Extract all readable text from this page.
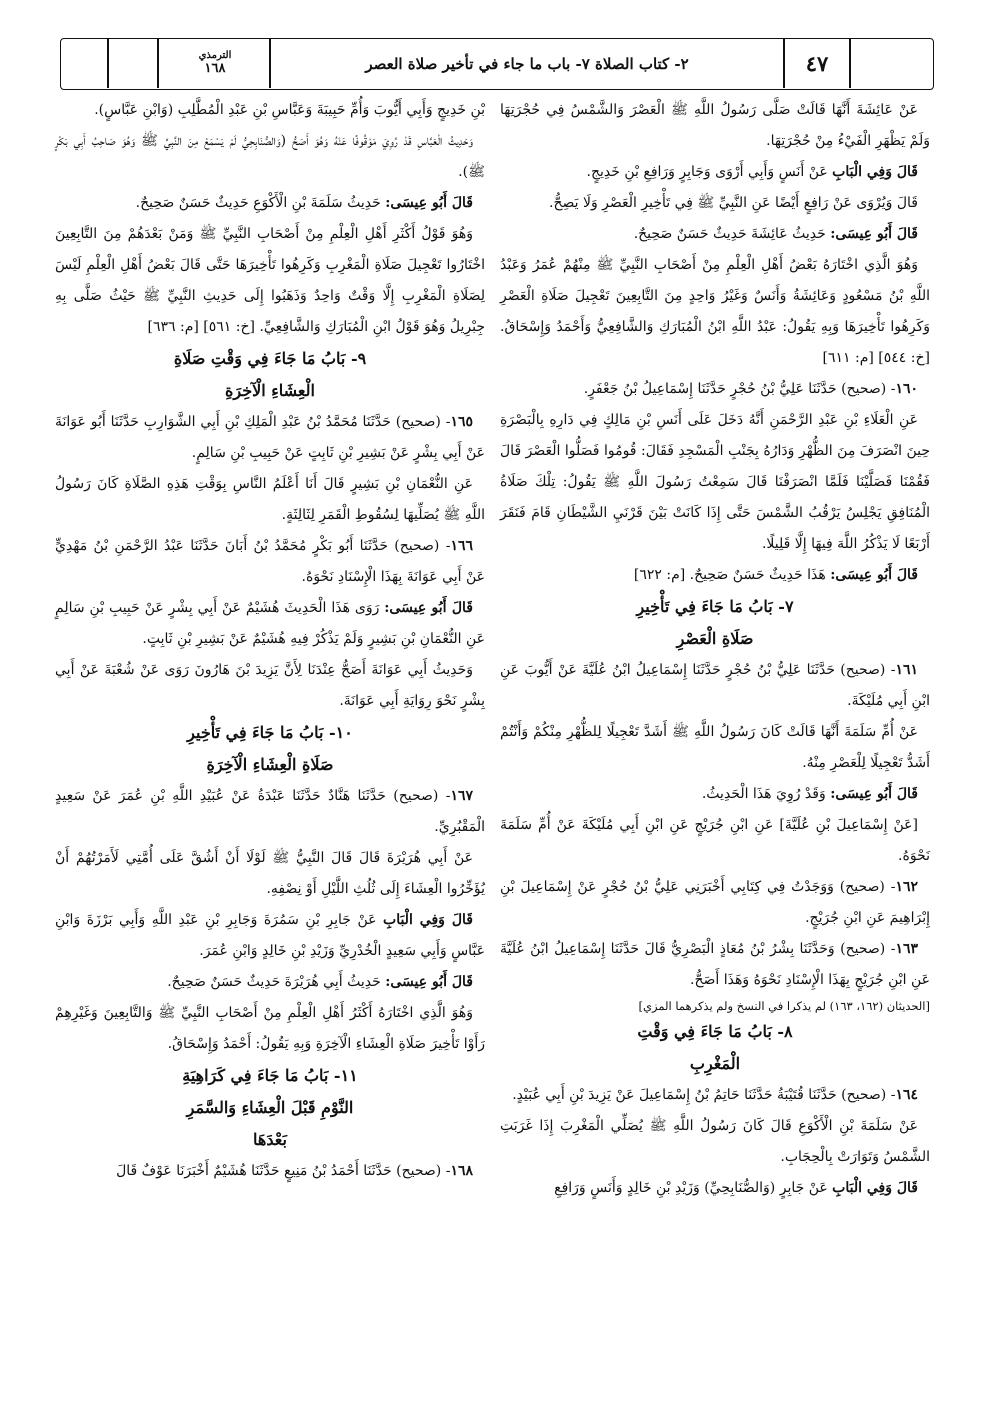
٤٧
٢- كتاب الصلاة ٧- باب ما جاء في تأخير صلاة العصر
الترمذي
١٦٨
عَنْ عَائِشَةَ أَنَّهَا قَالَتْ صَلَّى رَسُولُ اللَّهِ ﷺ الْعَصْرَ وَالشَّمْسُ فِي حُجْرَتِهَا وَلَمْ يَظْهَرِ الْفَيْءُ مِنْ حُجْرَتِهَا.
قَالَ وَفِي الْبَابِ عَنْ أَنَسٍ وَأَبِي أَرْوَى وَجَابِرٍ وَرَافِعِ بْنِ خَدِيجٍ.
قَالَ وَيُرْوَى عَنْ رَافِعٍ أَيْضًا عَنِ النَّبِيِّ ﷺ فِي تَأْخِيرِ الْعَصْرِ وَلَا يَصِحُّ.
قَالَ أَبُو عِيسَى: حَدِيثُ عَائِشَةَ حَدِيثٌ حَسَنٌ صَحِيحٌ.
وَهُوَ الَّذِي اخْتَارَهُ بَعْضُ أَهْلِ الْعِلْمِ مِنْ أَصْحَابِ النَّبِيِّ ﷺ مِنْهُمْ عُمَرُ وَعَبْدُ اللَّهِ بْنُ مَسْعُودٍ وَعَائِشَةُ وَأَنَسٌ وَغَيْرُ وَاحِدٍ مِنَ التَّابِعِينَ تَعْجِيلَ صَلَاةِ الْعَصْرِ وَكَرِهُوا تَأْخِيرَهَا وَبِهِ يَقُولُ: عَبْدُ اللَّهِ ابْنُ الْمُبَارَكِ وَالشَّافِعِيُّ وَأَحْمَدُ وَإِسْحَاقُ. [خ: ٥٤٤] [م: ٦١١]
١٦٠- (صحيح) حَدَّثَنَا عَلِيُّ بْنُ حُجْرٍ حَدَّثَنَا إِسْمَاعِيلُ بْنُ جَعْفَرٍ.
عَنِ الْعَلَاءِ بْنِ عَبْدِ الرَّحْمَنِ أَنَّهُ دَخَلَ عَلَى أَنَسِ بْنِ مَالِكٍ فِي دَارِهِ بِالْبَصْرَةِ حِينَ انْصَرَفَ مِنَ الظُّهْرِ وَدَارُهُ بِجَنْبِ الْمَسْجِدِ فَقَالَ: قُومُوا فَصَلُّوا الْعَصْرَ قَالَ فَقُمْنَا فَصَلَّيْنَا فَلَمَّا انْصَرَفْنَا قَالَ سَمِعْتُ رَسُولَ اللَّهِ ﷺ يَقُولُ: تِلْكَ صَلَاةُ الْمُنَافِقِ يَجْلِسُ يَرْقُبُ الشَّمْسَ حَتَّى إِذَا كَانَتْ بَيْنَ قَرْنَيِ الشَّيْطَانِ قَامَ فَنَقَرَ أَرْبَعًا لَا يَذْكُرُ اللَّهَ فِيهَا إِلَّا قَلِيلًا.
قَالَ أَبُو عِيسَى: هَذَا حَدِيثٌ حَسَنٌ صَحِيحٌ. [م: ٦٢٢]
٧- بَابُ مَا جَاءَ فِي تَأْخِيرِ
صَلَاةِ الْعَصْرِ
١٦١- (صحيح) حَدَّثَنَا عَلِيُّ بْنُ حُجْرٍ حَدَّثَنَا إِسْمَاعِيلُ ابْنُ عُلَيَّةَ عَنْ أَيُّوبَ عَنِ ابْنِ أَبِي مُلَيْكَةَ.
عَنْ أُمِّ سَلَمَةَ أَنَّهَا قَالَتْ كَانَ رَسُولُ اللَّهِ ﷺ أَشَدَّ تَعْجِيلًا لِلظُّهْرِ مِنْكُمْ وَأَنْتُمْ أَشَدُّ تَعْجِيلًا لِلْعَصْرِ مِنْهُ.
قَالَ أَبُو عِيسَى: وَقَدْ رُوِيَ هَذَا الْحَدِيثُ.
[عَنْ إِسْمَاعِيلَ بْنِ عُلَيَّةَ] عَنِ ابْنِ جُرَيْجٍ عَنِ ابْنِ أَبِي مُلَيْكَةَ عَنْ أُمِّ سَلَمَةَ نَحْوَهُ.
١٦٢- (صحيح) وَوَجَدْتُ فِي كِتَابِي أَخْبَرَنِي عَلِيُّ بْنُ حُجْرٍ عَنْ إِسْمَاعِيلَ بْنِ إِبْرَاهِيمَ عَنِ ابْنِ جُرَيْجٍ.
١٦٣- (صحيح) وَحَدَّثَنَا بِشْرُ بْنُ مُعَاذٍ الْبَصْرِيُّ قَالَ حَدَّثَنَا إِسْمَاعِيلُ ابْنُ عُلَيَّةَ عَنِ ابْنِ جُرَيْجٍ بِهَذَا الْإِسْنَادِ نَحْوَهُ وَهَذَا أَصَحُّ.
[الحديثان (١٦٢، ١٦٣) لم يذكرا في النسخ ولم يذكرهما المزي]
٨- بَابُ مَا جَاءَ فِي وَقْتِ
الْمَغْرِبِ
١٦٤- (صحيح) حَدَّثَنَا قُتَيْبَةُ حَدَّثَنَا حَاتِمُ بْنُ إِسْمَاعِيلَ عَنْ يَزِيدَ بْنِ أَبِي عُبَيْدٍ.
عَنْ سَلَمَةَ بْنِ الْأَكْوَعِ قَالَ كَانَ رَسُولُ اللَّهِ ﷺ يُصَلِّي الْمَغْرِبَ إِذَا غَرَبَتِ الشَّمْسُ وَتَوَارَتْ بِالْحِجَابِ.
قَالَ وَفِي الْبَابِ عَنْ جَابِرٍ (وَالصُّنَابِحِيِّ) وَزَيْدِ بْنِ خَالِدٍ وَأَنَسٍ وَرَافِعِ
بْنِ خَدِيجٍ وَأَبِي أَيُّوبَ وَأُمِّ حَبِيبَةَ وَعَبَّاسِ بْنِ عَبْدِ الْمُطَّلِبِ (وَابْنِ عَبَّاسٍ).
وَحَدِيثُ الْعَبَّاسِ قَدْ رُوِيَ مَوْقُوفًا عَنْهُ وَهُوَ أَصَحُّ (وَالصُّنَابِحِيُّ لَمْ يَسْمَعْ مِنَ النَّبِيِّ ﷺ وَهُوَ صَاحِبُ أَبِي بَكْرٍ ﷺ).
قَالَ أَبُو عِيسَى: حَدِيثُ سَلَمَةَ بْنِ الْأَكْوَعِ حَدِيثٌ حَسَنٌ صَحِيحٌ.
وَهُوَ قَوْلُ أَكْثَرِ أَهْلِ الْعِلْمِ مِنْ أَصْحَابِ النَّبِيِّ ﷺ وَمَنْ بَعْدَهُمْ مِنَ التَّابِعِينَ اخْتَارُوا تَعْجِيلَ صَلَاةِ الْمَغْرِبِ وَكَرِهُوا تَأْخِيرَهَا حَتَّى قَالَ بَعْضُ أَهْلِ الْعِلْمِ لَيْسَ لِصَلَاةِ الْمَغْرِبِ إِلَّا وَقْتٌ وَاحِدٌ وَذَهَبُوا إِلَى حَدِيثِ النَّبِيِّ ﷺ حَيْثُ صَلَّى بِهِ جِبْرِيلُ وَهُوَ قَوْلُ ابْنِ الْمُبَارَكِ وَالشَّافِعِيِّ. [خ: ٥٦١] [م: ٦٣٦]
٩- بَابُ مَا جَاءَ فِي وَقْتِ صَلَاةِ
الْعِشَاءِ الْآخِرَةِ
١٦٥- (صحيح) حَدَّثَنَا مُحَمَّدُ بْنُ عَبْدِ الْمَلِكِ بْنِ أَبِي الشَّوَارِبِ حَدَّثَنَا أَبُو عَوَانَةَ عَنْ أَبِي بِشْرٍ عَنْ بَشِيرِ بْنِ ثَابِتٍ عَنْ حَبِيبِ بْنِ سَالِمٍ.
عَنِ النُّعْمَانِ بْنِ بَشِيرٍ قَالَ أَنَا أَعْلَمُ النَّاسِ بِوَقْتِ هَذِهِ الصَّلَاةِ كَانَ رَسُولُ اللَّهِ ﷺ يُصَلِّيهَا لِسُقُوطِ الْقَمَرِ لِثَالِثَةٍ.
١٦٦- (صحيح) حَدَّثَنَا أَبُو بَكْرٍ مُحَمَّدُ بْنُ أَبَانَ حَدَّثَنَا عَبْدُ الرَّحْمَنِ بْنُ مَهْدِيٍّ عَنْ أَبِي عَوَانَةَ بِهَذَا الْإِسْنَادِ نَحْوَهُ.
قَالَ أَبُو عِيسَى: رَوَى هَذَا الْحَدِيثَ هُشَيْمٌ عَنْ أَبِي بِشْرٍ عَنْ حَبِيبِ بْنِ سَالِمٍ عَنِ النُّعْمَانِ بْنِ بَشِيرٍ وَلَمْ يَذْكُرْ فِيهِ هُشَيْمٌ عَنْ بَشِيرِ بْنِ ثَابِتٍ.
وَحَدِيثُ أَبِي عَوَانَةَ أَصَحُّ عِنْدَنَا لِأَنَّ يَزِيدَ بْنَ هَارُونَ رَوَى عَنْ شُعْبَةَ عَنْ أَبِي بِشْرٍ نَحْوَ رِوَايَةِ أَبِي عَوَانَةَ.
١٠- بَابُ مَا جَاءَ فِي تَأْخِيرِ
صَلَاةِ الْعِشَاءِ الْآخِرَةِ
١٦٧- (صحيح) حَدَّثَنَا هَنَّادٌ حَدَّثَنَا عَبْدَةُ عَنْ عُبَيْدِ اللَّهِ بْنِ عُمَرَ عَنْ سَعِيدٍ الْمَقْبُرِيِّ.
عَنْ أَبِي هُرَيْرَةَ قَالَ قَالَ النَّبِيُّ ﷺ لَوْلَا أَنْ أَشُقَّ عَلَى أُمَّتِي لَأَمَرْتُهُمْ أَنْ يُؤَخِّرُوا الْعِشَاءَ إِلَى ثُلُثِ اللَّيْلِ أَوْ نِصْفِهِ.
قَالَ وَفِي الْبَابِ عَنْ جَابِرِ بْنِ سَمُرَةَ وَجَابِرِ بْنِ عَبْدِ اللَّهِ وَأَبِي بَرْزَةَ وَابْنِ عَبَّاسٍ وَأَبِي سَعِيدٍ الْخُدْرِيِّ وَزَيْدِ بْنِ خَالِدٍ وَابْنِ عُمَرَ.
قَالَ أَبُو عِيسَى: حَدِيثُ أَبِي هُرَيْرَةَ حَدِيثٌ حَسَنٌ صَحِيحٌ.
وَهُوَ الَّذِي اخْتَارَهُ أَكْثَرُ أَهْلِ الْعِلْمِ مِنْ أَصْحَابِ النَّبِيِّ ﷺ وَالتَّابِعِينَ وَغَيْرِهِمْ رَأَوْا تَأْخِيرَ صَلَاةِ الْعِشَاءِ الْآخِرَةِ وَبِهِ يَقُولُ: أَحْمَدُ وَإِسْحَاقُ.
١١- بَابُ مَا جَاءَ فِي كَرَاهِيَةِ
النَّوْمِ قَبْلَ الْعِشَاءِ وَالسَّمَرِ
بَعْدَهَا
١٦٨- (صحيح) حَدَّثَنَا أَحْمَدُ بْنُ مَنِيعٍ حَدَّثَنَا هُشَيْمٌ أَخْبَرَنَا عَوْفٌ قَالَ
